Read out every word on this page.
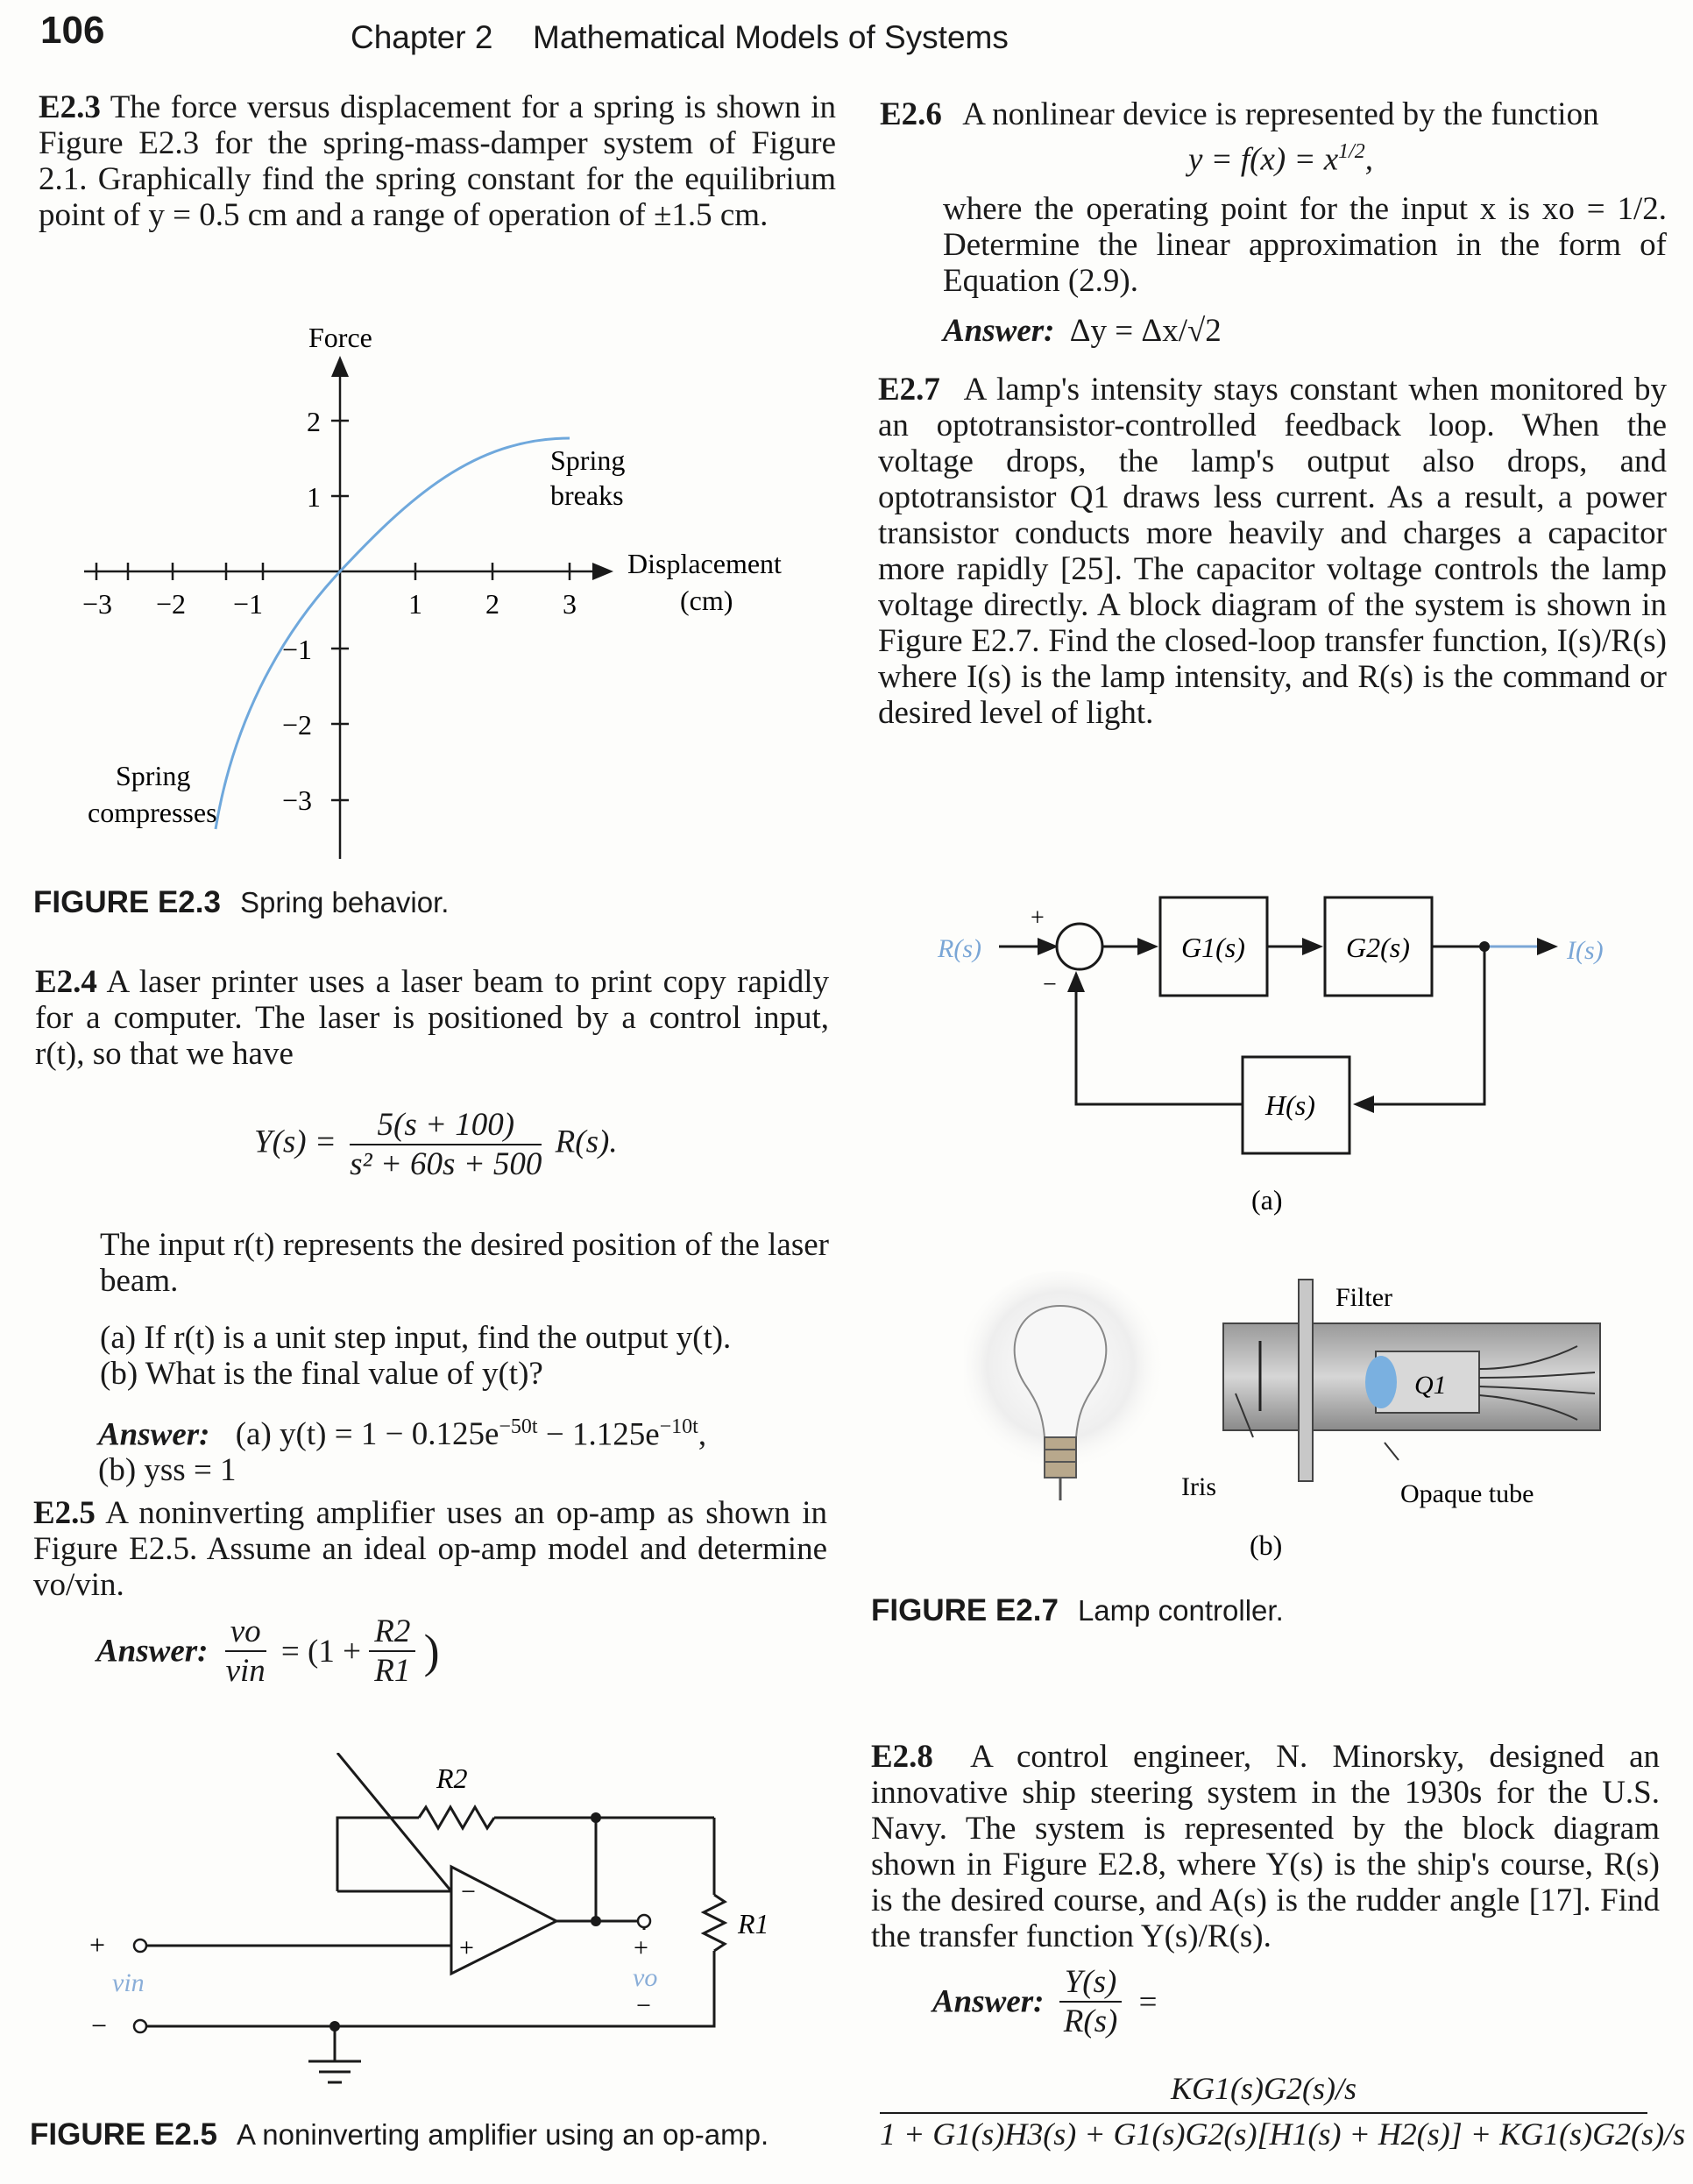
106	Chapter 2 Mathematical Models of Systems
E2.3 The force versus displacement for a spring is shown in Figure E2.3 for the spring-mass-damper system of Figure 2.1. Graphically find the spring constant for the equilibrium point of y = 0.5 cm and a range of operation of ±1.5 cm.
Force
−3 −2 −1	1 2 3
2
1
−1
−2
−3
Spring
breaks
Displacement
(cm)
Spring
compresses
FIGURE E2.3 Spring behavior.
E2.4 A laser printer uses a laser beam to print copy rapidly for a computer. The laser is positioned by a control input, r(t), so that we have
$Y(s) = \frac{5(s + 100)}{\text{s² + 60s + 500}} R(s)$.
The input r(t) represents the desired position of the laser beam.
(a) If r(t) is a unit step input, find the output y(t).
(b) What is the final value of y(t)?
Answer: (a) $y(t) = 1 - 0.125e^{-50t} - 1.125e^{-10t}$,
(b) yss = 1
E2.5 A noninverting amplifier uses an op-amp as shown in Figure E2.5. Assume an ideal op-amp model and determine vo/vin.
Answer: $\frac{vo}{\text{vin}} = (1 + \frac{R2}{R1}$ )
R2
R1
−
+
+
−
vin
+
vo
−
FIGURE E2.5 A noninverting amplifier using an op-amp.
E2.6 A nonlinear device is represented by the function
$y = f(x) = x^{1/2}$,
where the operating point for the input x is xo = 1/2. Determine the linear approximation in the form of Equation (2.9).
Answer: Δy = Δx/√2
E2.7 A lamp's intensity stays constant when monitored by an optotransistor-controlled feedback loop. When the voltage drops, the lamp's output also drops, and optotransistor Q1 draws less current. As a result, a power transistor conducts more heavily and charges a capacitor more rapidly [25]. The capacitor voltage controls the lamp voltage directly. A block diagram of the system is shown in Figure E2.7. Find the closed-loop transfer function, I(s)/R(s) where I(s) is the lamp intensity, and R(s) is the command or desired level of light.
R(s)	I(s)
+
−
G1(s)	G2(s)
H(s)
(a)
Filter
Q1
Iris	Opaque tube
(b)
FIGURE E2.7 Lamp controller.
E2.8 A control engineer, N. Minorsky, designed an innovative ship steering system in the 1930s for the U.S. Navy. The system is represented by the block diagram shown in Figure E2.8, where Y(s) is the ship's course, R(s) is the desired course, and A(s) is the rudder angle [17]. Find the transfer function Y(s)/R(s).
Answer: $\frac{Y(s)}{R(s)}$ =
$\frac{KG1(s)G2(s)/s}{1 + G1(s)H3(s) + G1(s)G2(s)[H1(s) + H2(s)] + KG1(s)G2(s)/s}$
